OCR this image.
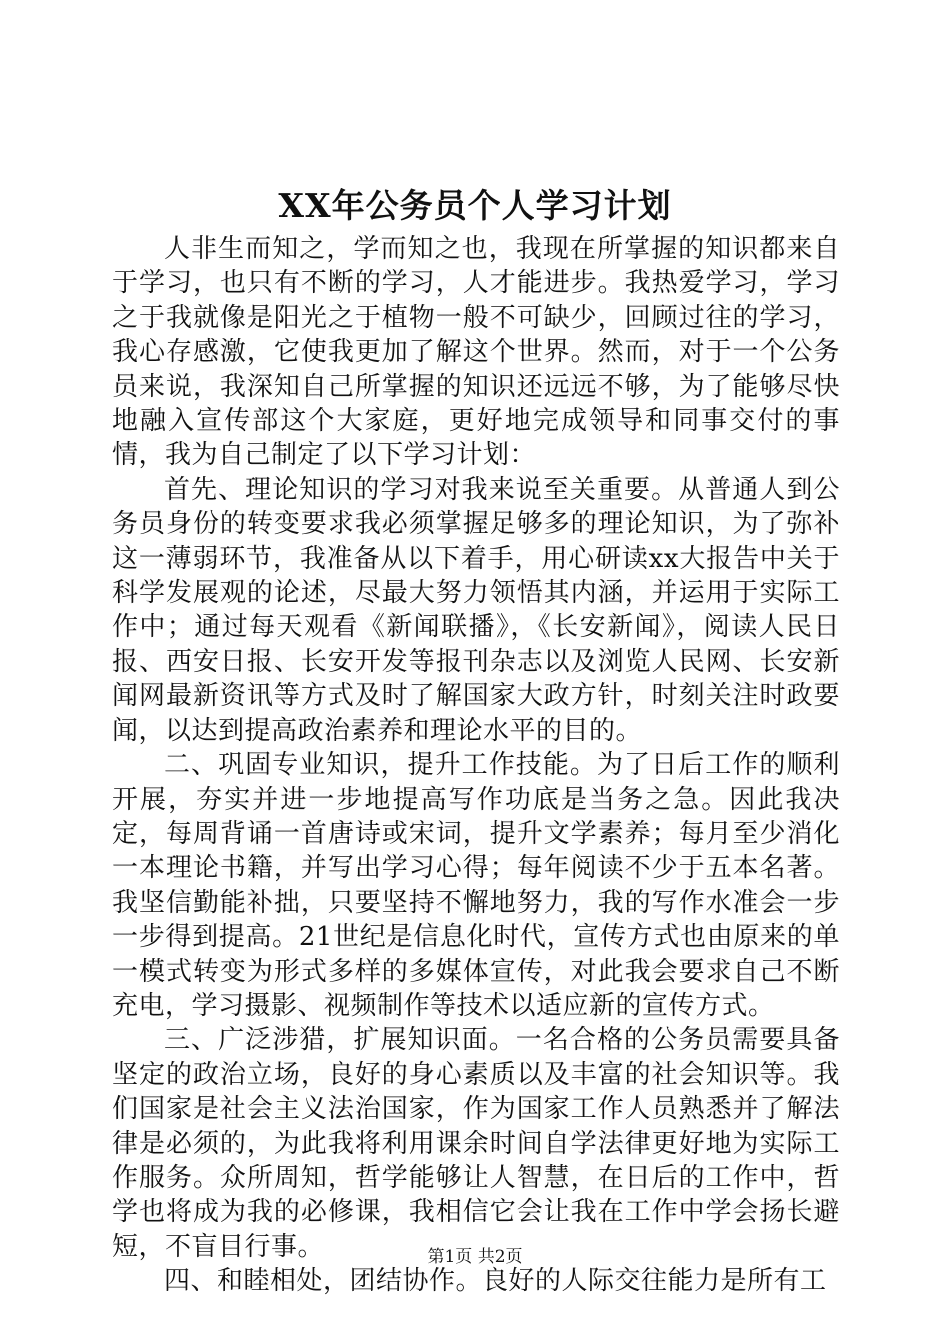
XX年公务员个人学习计划

人非生而知之，学而知之也，我现在所掌握的知识都来自于学习，也只有不断的学习，人才能进步。我热爱学习，学习之于我就像是阳光之于植物一般不可缺少，回顾过往的学习，我心存感激，它使我更加了解这个世界。然而，对于一个公务员来说，我深知自己所掌握的知识还远远不够，为了能够尽快地融入宣传部这个大家庭，更好地完成领导和同事交付的事情，我为自己制定了以下学习计划：

首先、理论知识的学习对我来说至关重要。从普通人到公务员身份的转变要求我必须掌握足够多的理论知识，为了弥补这一薄弱环节，我准备从以下着手，用心研读xx大报告中关于科学发展观的论述，尽最大努力领悟其内涵，并运用于实际工作中；通过每天观看《新闻联播》，《长安新闻》，阅读人民日报、西安日报、长安开发等报刊杂志以及浏览人民网、长安新闻网最新资讯等方式及时了解国家大政方针，时刻关注时政要闻，以达到提高政治素养和理论水平的目的。

二、巩固专业知识，提升工作技能。为了日后工作的顺利开展，夯实并进一步地提高写作功底是当务之急。因此我决定，每周背诵一首唐诗或宋词，提升文学素养；每月至少消化一本理论书籍，并写出学习心得；每年阅读不少于五本名著。我坚信勤能补拙，只要坚持不懈地努力，我的写作水准会一步一步得到提高。21世纪是信息化时代，宣传方式也由原来的单一模式转变为形式多样的多媒体宣传，对此我会要求自己不断充电，学习摄影、视频制作等技术以适应新的宣传方式。

三、广泛涉猎，扩展知识面。一名合格的公务员需要具备坚定的政治立场，良好的身心素质以及丰富的社会知识等。我们国家是社会主义法治国家，作为国家工作人员熟悉并了解法律是必须的，为此我将利用课余时间自学法律更好地为实际工作服务。众所周知，哲学能够让人智慧，在日后的工作中，哲学也将成为我的必修课，我相信它会让我在工作中学会扬长避短，不盲目行事。

四、和睦相处，团结协作。良好的人际交往能力是所有工

第1页 共2页
